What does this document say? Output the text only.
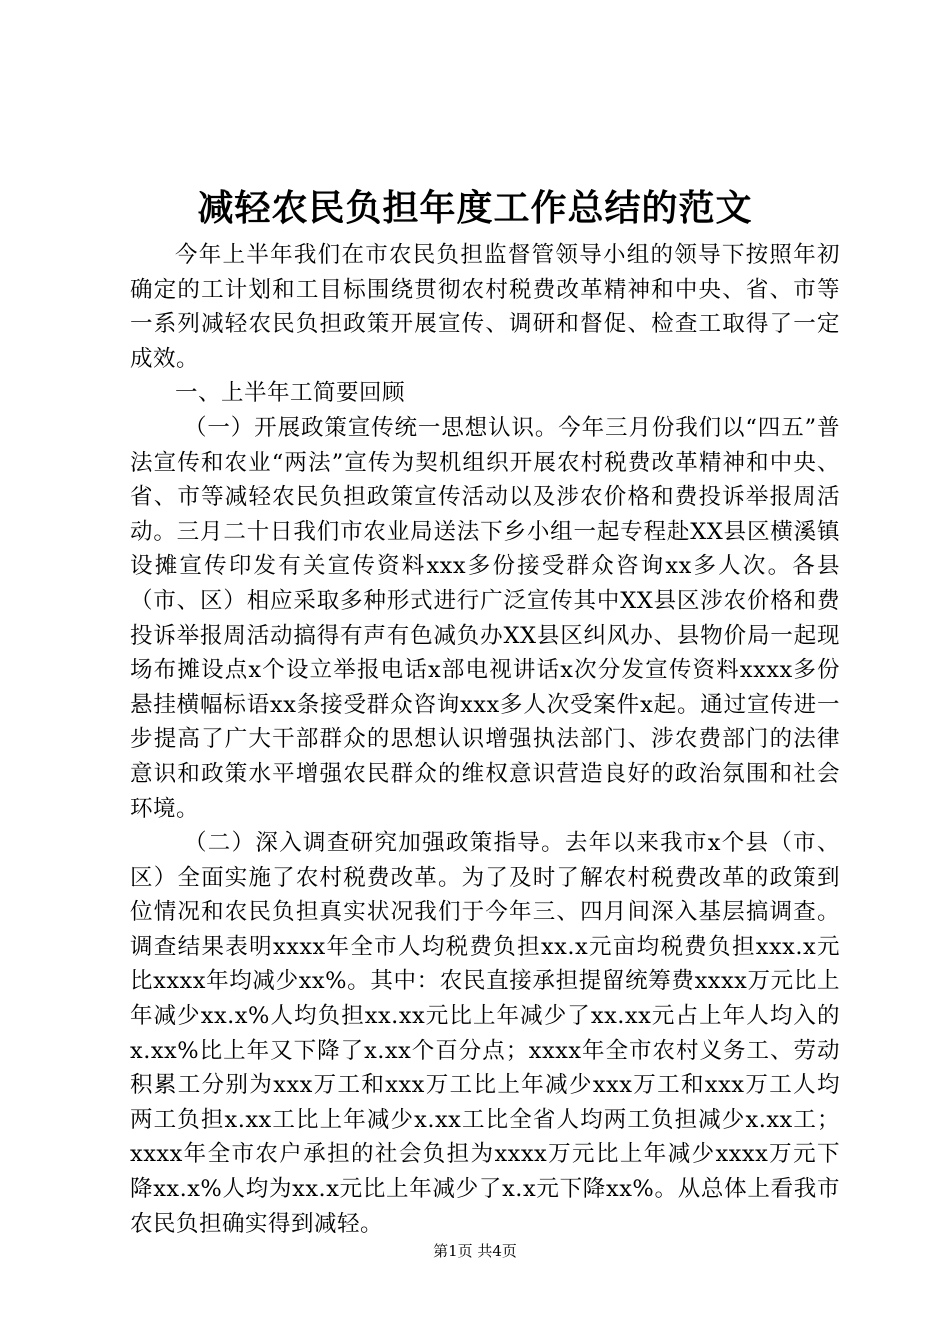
减轻农民负担年度工作总结的范文

今年上半年我们在市农民负担监督管领导小组的领导下按照年初确定的工计划和工目标围绕贯彻农村税费改革精神和中央、省、市等一系列减轻农民负担政策开展宣传、调研和督促、检查工取得了一定成效。

一、上半年工简要回顾

（一）开展政策宣传统一思想认识。今年三月份我们以“四五”普法宣传和农业“两法”宣传为契机组织开展农村税费改革精神和中央、省、市等减轻农民负担政策宣传活动以及涉农价格和费投诉举报周活动。三月二十日我们市农业局送法下乡小组一起专程赴XX县区横溪镇设摊宣传印发有关宣传资料xxx多份接受群众咨询xx多人次。各县（市、区）相应采取多种形式进行广泛宣传其中XX县区涉农价格和费投诉举报周活动搞得有声有色减负办XX县区纠风办、县物价局一起现场布摊设点x个设立举报电话x部电视讲话x次分发宣传资料xxxx多份悬挂横幅标语xx条接受群众咨询xxx多人次受案件x起。通过宣传进一步提高了广大干部群众的思想认识增强执法部门、涉农费部门的法律意识和政策水平增强农民群众的维权意识营造良好的政治氛围和社会环境。

（二）深入调查研究加强政策指导。去年以来我市x个县（市、区）全面实施了农村税费改革。为了及时了解农村税费改革的政策到位情况和农民负担真实状况我们于今年三、四月间深入基层搞调查。调查结果表明xxxx年全市人均税费负担xx.x元亩均税费负担xxx.x元比xxxx年均减少xx%。其中：农民直接承担提留统筹费xxxx万元比上年减少xx.x%人均负担xx.xx元比上年减少了xx.xx元占上年人均入的x.xx%比上年又下降了x.xx个百分点；xxxx年全市农村义务工、劳动积累工分别为xxx万工和xxx万工比上年减少xxx万工和xxx万工人均两工负担x.xx工比上年减少x.xx工比全省人均两工负担减少x.xx工；xxxx年全市农户承担的社会负担为xxxx万元比上年减少xxxx万元下降xx.x%人均为xx.x元比上年减少了x.x元下降xx%。从总体上看我市农民负担确实得到减轻。

第1页 共4页
